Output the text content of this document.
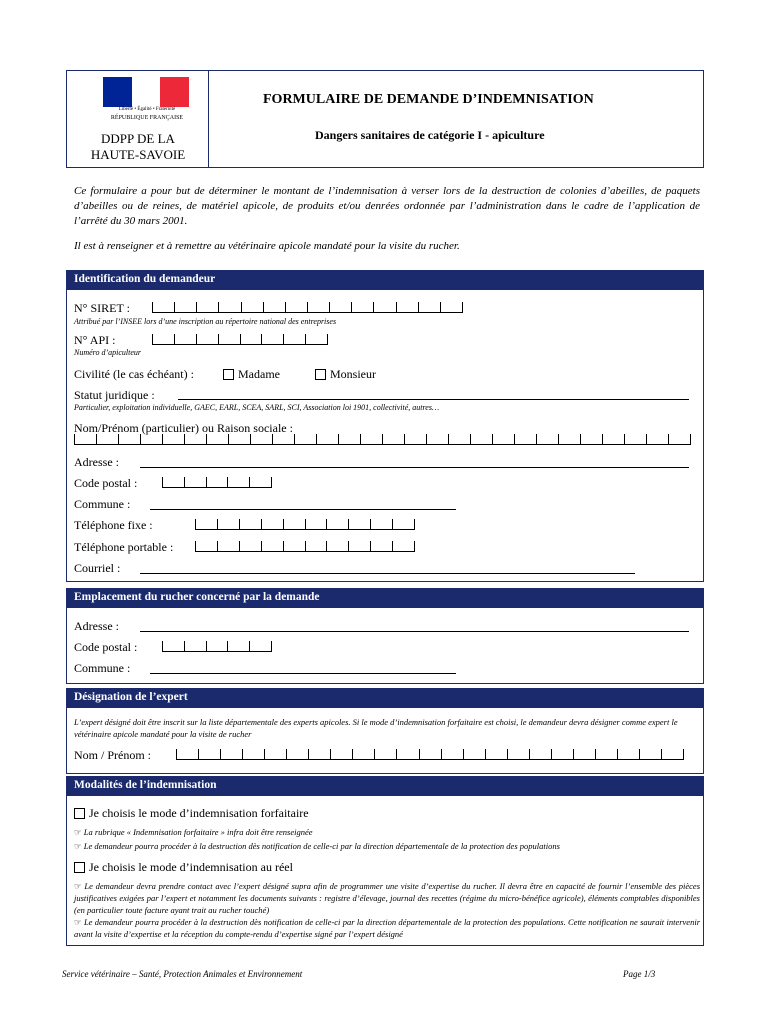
Liberté • Égalité • Fraternité
RÉPUBLIQUE FRANÇAISE
DDPP DE LA
HAUTE-SAVOIE
FORMULAIRE DE DEMANDE D’INDEMNISATION
Dangers sanitaires de catégorie I - apiculture
Ce formulaire a pour but de déterminer le montant de l’indemnisation à verser lors de la destruction de colonies d’abeilles, de paquets d’abeilles ou de reines, de matériel apicole, de produits et/ou denrées ordonnée par l’administration dans le cadre de l’application de l’arrêté du 30 mars 2001.
Il est à renseigner et à remettre au vétérinaire apicole mandaté pour la visite du rucher.
Identification du demandeur
N° SIRET :
Attribué par l’INSEE lors d’une inscription au répertoire national des entreprises
N° API :
Numéro d’apiculteur
Civilité (le cas échéant) :	Madame	Monsieur
Statut juridique :
Particulier, exploitation individuelle, GAEC, EARL, SCEA, SARL, SCI, Association loi 1901, collectivité, autres…
Nom/Prénom (particulier) ou Raison sociale :
Adresse :
Code postal :
Commune :
Téléphone fixe :
Téléphone portable :
Courriel :
Emplacement du rucher concerné par la demande
Adresse :
Code postal :
Commune :
Désignation de l’expert
L’expert désigné doit être inscrit sur la liste départementale des experts apicoles. Si le mode d’indemnisation forfaitaire est choisi, le demandeur devra désigner comme expert le vétérinaire apicole mandaté pour la visite de rucher
Nom / Prénom :
Modalités de l’indemnisation
Je choisis le mode d’indemnisation forfaitaire
☞ La rubrique « Indemnisation forfaitaire » infra doit être renseignée
☞ Le demandeur pourra procéder à la destruction dès notification de celle-ci par la direction départementale de la protection des populations
Je choisis le mode d’indemnisation au réel
☞ Le demandeur devra prendre contact avec l’expert désigné supra afin de programmer une visite d’expertise du rucher. Il devra être en capacité de fournir l’ensemble des pièces justificatives exigées par l’expert et notamment les documents suivants : registre d’élevage, journal des recettes (régime du micro-bénéfice agricole), éléments comptables disponibles (en particulier toute facture ayant trait au rucher touché)
☞ Le demandeur pourra procéder à la destruction dès notification de celle-ci par la direction départementale de la protection des populations. Cette notification ne saurait intervenir avant la visite d’expertise et la réception du compte-rendu d’expertise signé par l’expert désigné
Service vétérinaire – Santé, Protection Animales et Environnement	Page 1/3
